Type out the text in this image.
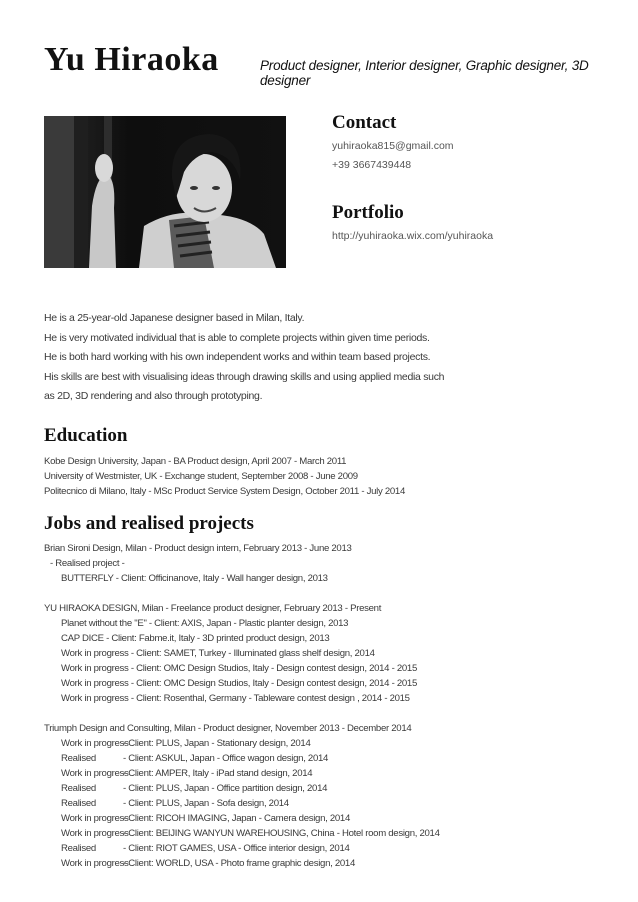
Yu Hiraoka	Product designer, Interior designer, Graphic designer, 3D designer
Contact
yuhiraoka815@gmail.com
+39 3667439448
Portfolio
http://yuhiraoka.wix.com/yuhiraoka
He is a 25-year-old Japanese designer based in Milan, Italy.
He is very motivated individual that is able to complete projects within given time periods.
He is both hard working with his own independent works and within team based projects.
His skills are best with visualising ideas through drawing skills and using applied media such
as 2D, 3D rendering and also through prototyping.
Education
Kobe Design University, Japan - BA Product design, April 2007 - March 2011
University of Westmister, UK - Exchange student, September 2008 - June 2009
Politecnico di Milano, Italy - MSc Product Service System Design, October 2011 - July 2014
Jobs and realised projects
Brian Sironi Design, Milan - Product design intern, February 2013 - June 2013
- Realised project -
BUTTERFLY - Client: Officinanove, Italy - Wall hanger design, 2013
YU HIRAOKA DESIGN, Milan - Freelance product designer, February 2013 - Present
Planet without the "E" - Client: AXIS, Japan - Plastic planter design, 2013
CAP DICE - Client: Fabme.it, Italy - 3D printed product design, 2013
Work in progress - Client: SAMET, Turkey - Illuminated glass shelf design, 2014
Work in progress - Client: OMC Design Studios, Italy - Design contest design, 2014 - 2015
Work in progress - Client: OMC Design Studios, Italy - Design contest design, 2014 - 2015
Work in progress - Client: Rosenthal, Germany - Tableware contest design , 2014 - 2015
Triumph Design and Consulting, Milan - Product designer, November 2013 - December 2014
Work in progress- Client: PLUS, Japan - Stationary design, 2014
Realised	- Client: ASKUL, Japan - Office wagon design, 2014
Work in progress- Client: AMPER, Italy - iPad stand design, 2014
Realised	- Client: PLUS, Japan - Office partition design, 2014
Realised	- Client: PLUS, Japan - Sofa design, 2014
Work in progress- Client: RICOH IMAGING, Japan - Camera design, 2014
Work in progress- Client: BEIJING WANYUN WAREHOUSING, China - Hotel room design, 2014
Realised	- Client: RIOT GAMES, USA - Office interior design, 2014
Work in progress- Client: WORLD, USA - Photo frame graphic design, 2014
